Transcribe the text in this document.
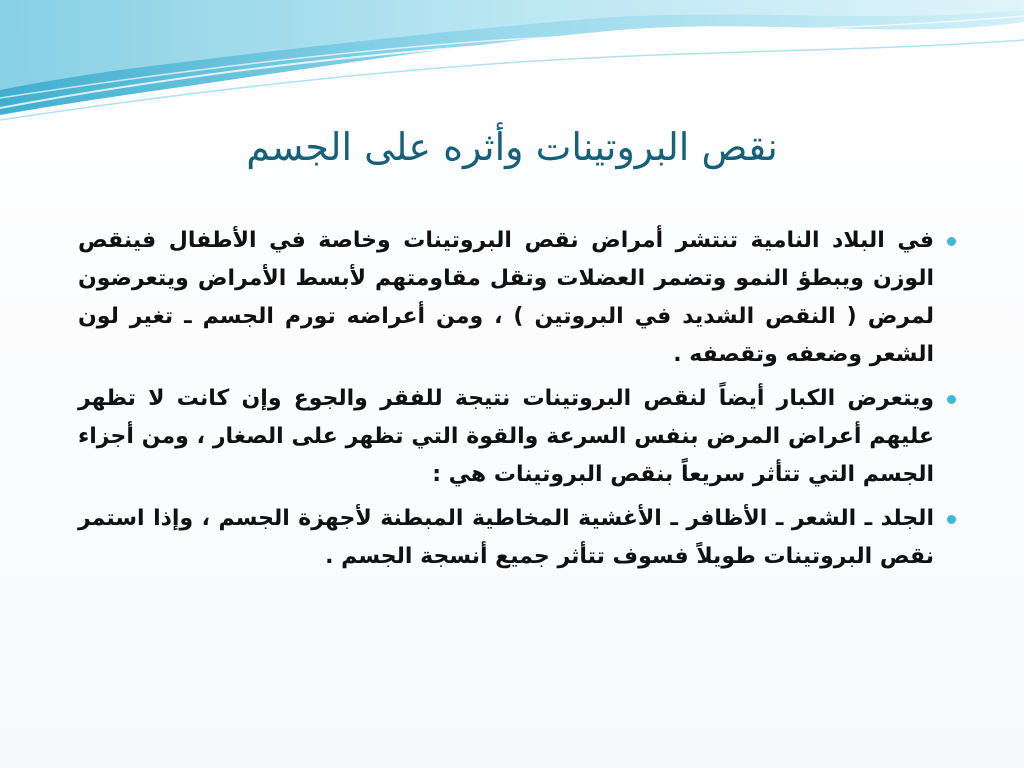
نقص البروتينات وأثره على الجسم
في البلاد النامية تنتشر أمراض نقص البروتينات وخاصة في الأطفال فينقص الوزن ويبطؤ النمو وتضمر العضلات وتقل مقاومتهم لأبسط الأمراض ويتعرضون لمرض ( النقص الشديد في البروتين ) ، ومن أعراضه تورم الجسم ـ تغير لون الشعر وضعفه وتقصفه .
ويتعرض الكبار أيضاً لنقص البروتينات نتيجة للفقر والجوع وإن كانت لا تظهر عليهم أعراض المرض بنفس السرعة والقوة التي تظهر على الصغار ، ومن أجزاء الجسم التي تتأثر سريعاً بنقص البروتينات هي :
الجلد ـ الشعر ـ الأظافر ـ الأغشية المخاطية المبطنة لأجهزة الجسم ، وإذا استمر نقص البروتينات طويلاً فسوف تتأثر جميع أنسجة الجسم .
